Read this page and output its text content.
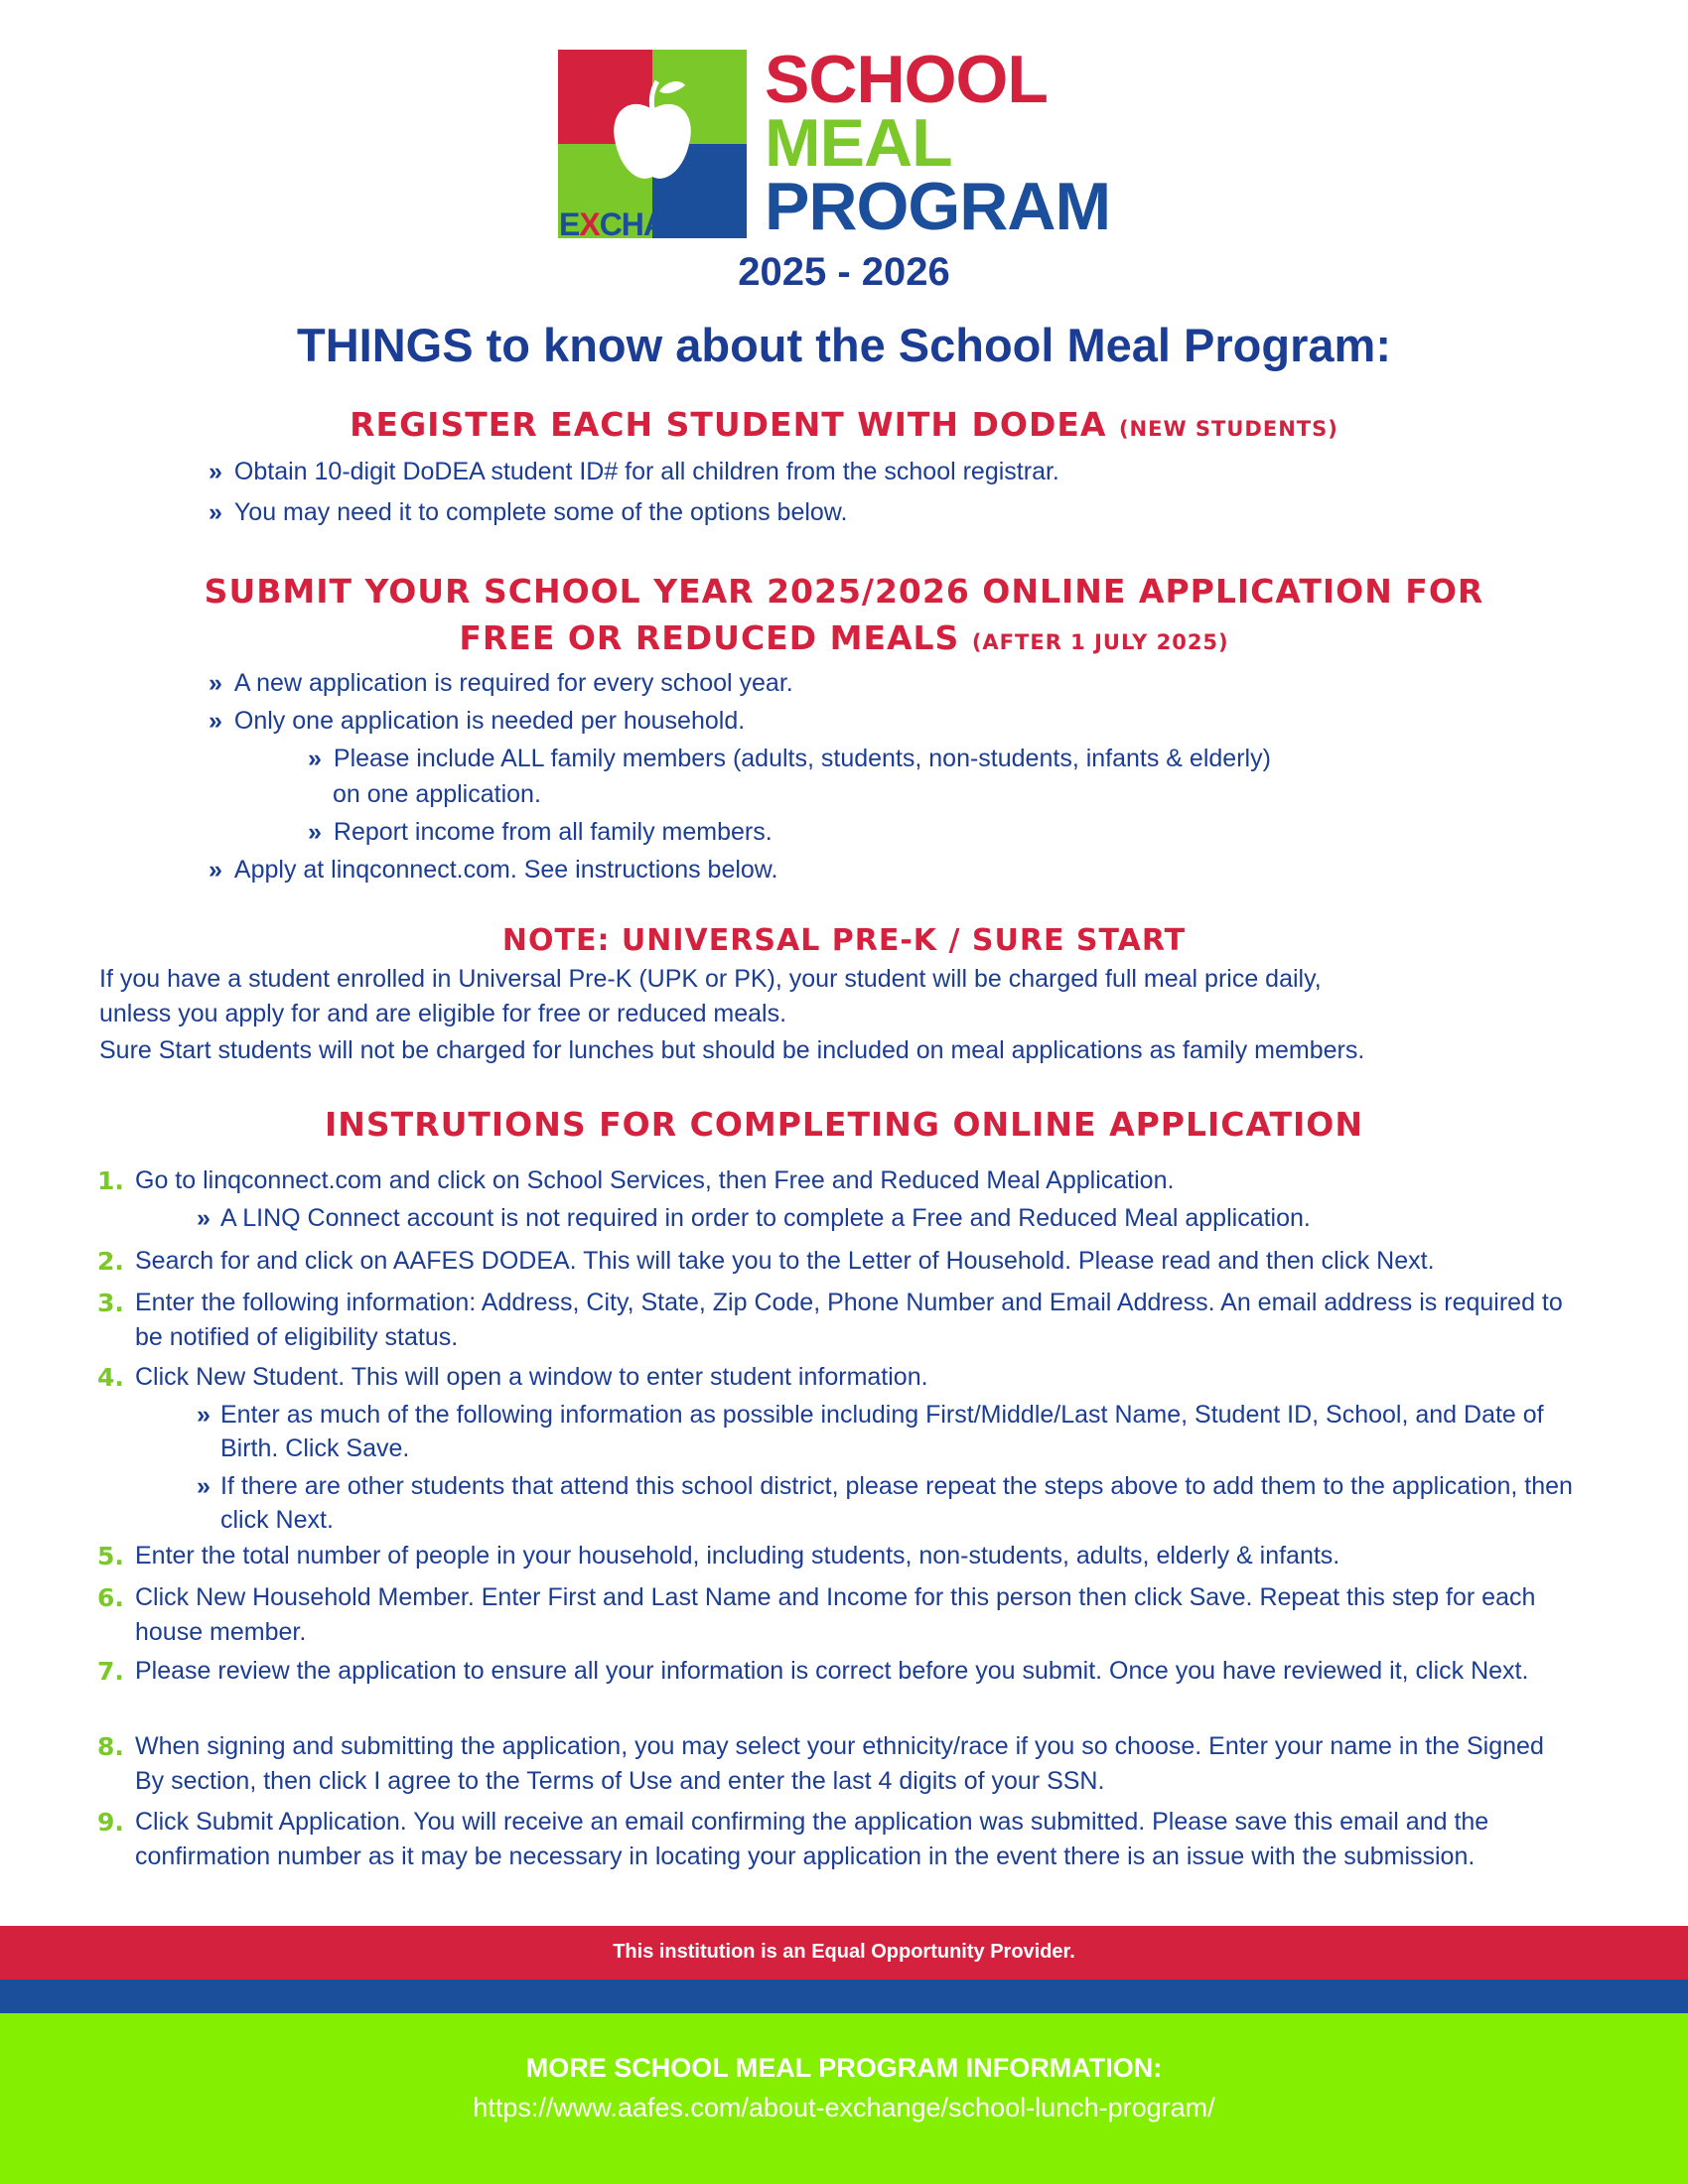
EXCHANGE
SCHOOL
MEAL
PROGRAM
2025 - 2026
THINGS to know about the School Meal Program:
REGISTER EACH STUDENT WITH DODEA (NEW STUDENTS)
» Obtain 10-digit DoDEA student ID# for all children from the school registrar.
» You may need it to complete some of the options below.
SUBMIT YOUR SCHOOL YEAR 2025/2026 ONLINE APPLICATION FOR
FREE OR REDUCED MEALS (AFTER 1 JULY 2025)
» A new application is required for every school year.
» Only one application is needed per household.
» Please include ALL family members (adults, students, non-students, infants & elderly)
on one application.
» Report income from all family members.
» Apply at linqconnect.com. See instructions below.
NOTE: UNIVERSAL PRE-K / SURE START
If you have a student enrolled in Universal Pre-K (UPK or PK), your student will be charged full meal price daily,
unless you apply for and are eligible for free or reduced meals.
Sure Start students will not be charged for lunches but should be included on meal applications as family members.
INSTRUTIONS FOR COMPLETING ONLINE APPLICATION
1. Go to linqconnect.com and click on School Services, then Free and Reduced Meal Application.
» A LINQ Connect account is not required in order to complete a Free and Reduced Meal application.
2. Search for and click on AAFES DODEA. This will take you to the Letter of Household. Please read and then click Next.
3. Enter the following information: Address, City, State, Zip Code, Phone Number and Email Address. An email address is required to be notified of eligibility status.
4. Click New Student. This will open a window to enter student information.
» Enter as much of the following information as possible including First/Middle/Last Name, Student ID, School, and Date of Birth. Click Save.
» If there are other students that attend this school district, please repeat the steps above to add them to the application, then click Next.
5. Enter the total number of people in your household, including students, non-students, adults, elderly & infants.
6. Click New Household Member. Enter First and Last Name and Income for this person then click Save. Repeat this step for each house member.
7. Please review the application to ensure all your information is correct before you submit. Once you have reviewed it, click Next.
8. When signing and submitting the application, you may select your ethnicity/race if you so choose. Enter your name in the Signed By section, then click I agree to the Terms of Use and enter the last 4 digits of your SSN.
9. Click Submit Application. You will receive an email confirming the application was submitted. Please save this email and the confirmation number as it may be necessary in locating your application in the event there is an issue with the submission.
This institution is an Equal Opportunity Provider.
MORE SCHOOL MEAL PROGRAM INFORMATION:
https://www.aafes.com/about-exchange/school-lunch-program/
